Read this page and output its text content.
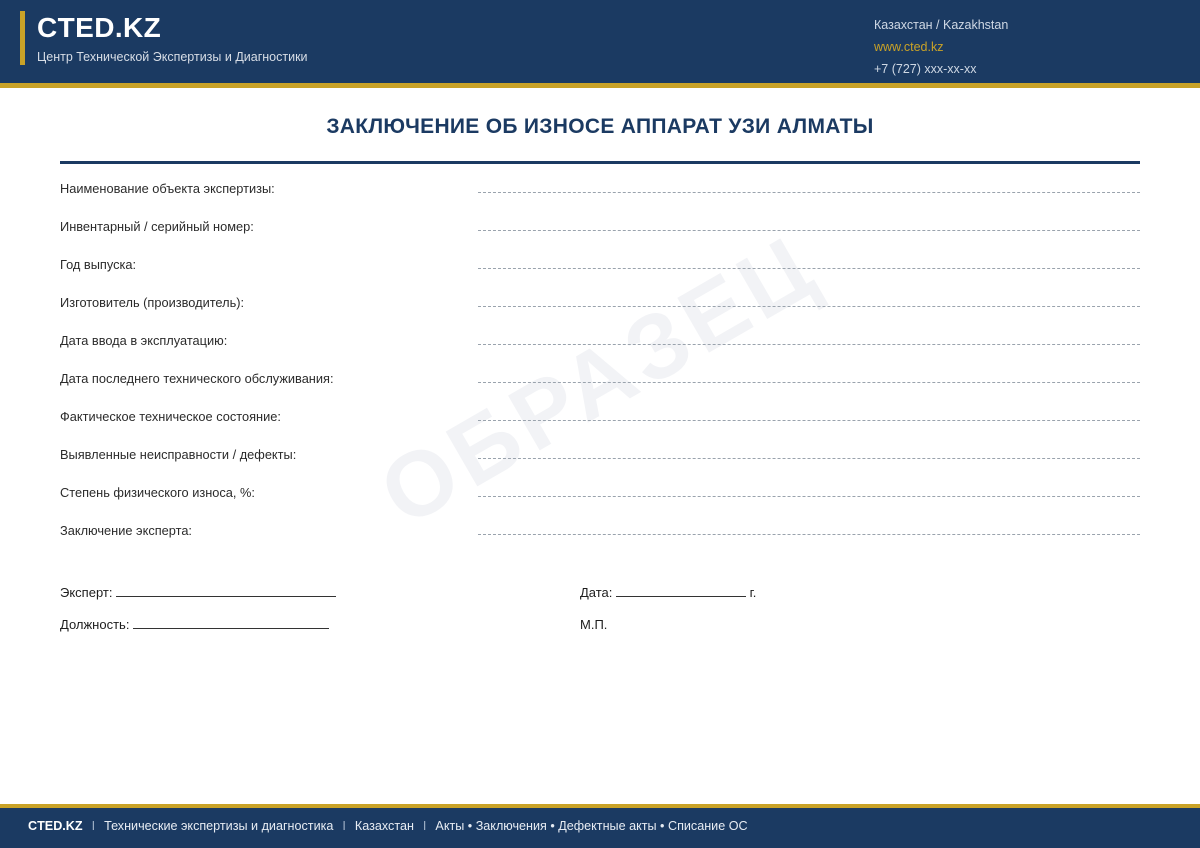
CTED.KZ
Центр Технической Экспертизы и Диагностики
Казахстан / Kazakhstan
www.cted.kz
+7 (727) xxx-xx-xx
ОБРАЗЕЦ
ЗАКЛЮЧЕНИЕ ОБ ИЗНОСЕ АППАРАТ УЗИ АЛМАТЫ
Наименование объекта экспертизы:
Инвентарный / серийный номер:
Год выпуска:
Изготовитель (производитель):
Дата ввода в эксплуатацию:
Дата последнего технического обслуживания:
Фактическое техническое состояние:
Выявленные неисправности / дефекты:
Степень физического износа, %:
Заключение эксперта:
Эксперт:	Дата:	г.
Должность:	М.П.
CTED.KZ I Технические экспертизы и диагностика I Казахстан I Акты • Заключения • Дефектные акты • Списание ОС
